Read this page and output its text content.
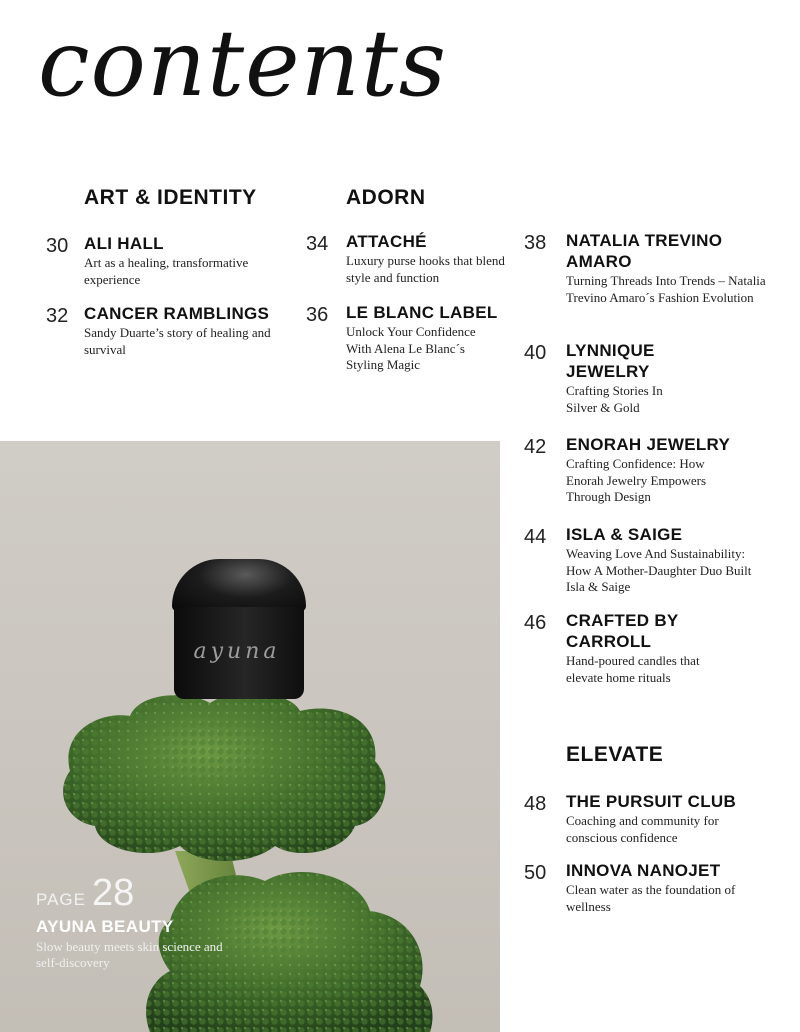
contents
ART & IDENTITY	ADORN
ELEVATE
30 ALI HALL
Art as a healing, transformative experience
32 CANCER RAMBLINGS
Sandy Duarte’s story of healing and survival
34 ATTACHÉ
Luxury purse hooks that blend style and function
36 LE BLANC LABEL
Unlock Your Confidence With Alena Le Blanc´s Styling Magic
38 NATALIA TREVINO AMARO
Turning Threads Into Trends – Natalia Trevino Amaro´s Fashion Evolution
40 LYNNIQUE JEWELRY
Crafting Stories In Silver & Gold
42 ENORAH JEWELRY
Crafting Confidence: How Enorah Jewelry Empowers Through Design
44 ISLA & SAIGE
Weaving Love And Sustainability: How A Mother-Daughter Duo Built Isla & Saige
46 CRAFTED BY CARROLL
Hand-poured candles that elevate home rituals
48 THE PURSUIT CLUB
Coaching and community for conscious confidence
50 INNOVA NANOJET
Clean water as the foundation of wellness
ayuna
PAGE 28
AYUNA BEAUTY
Slow beauty meets skin science and self-discovery
